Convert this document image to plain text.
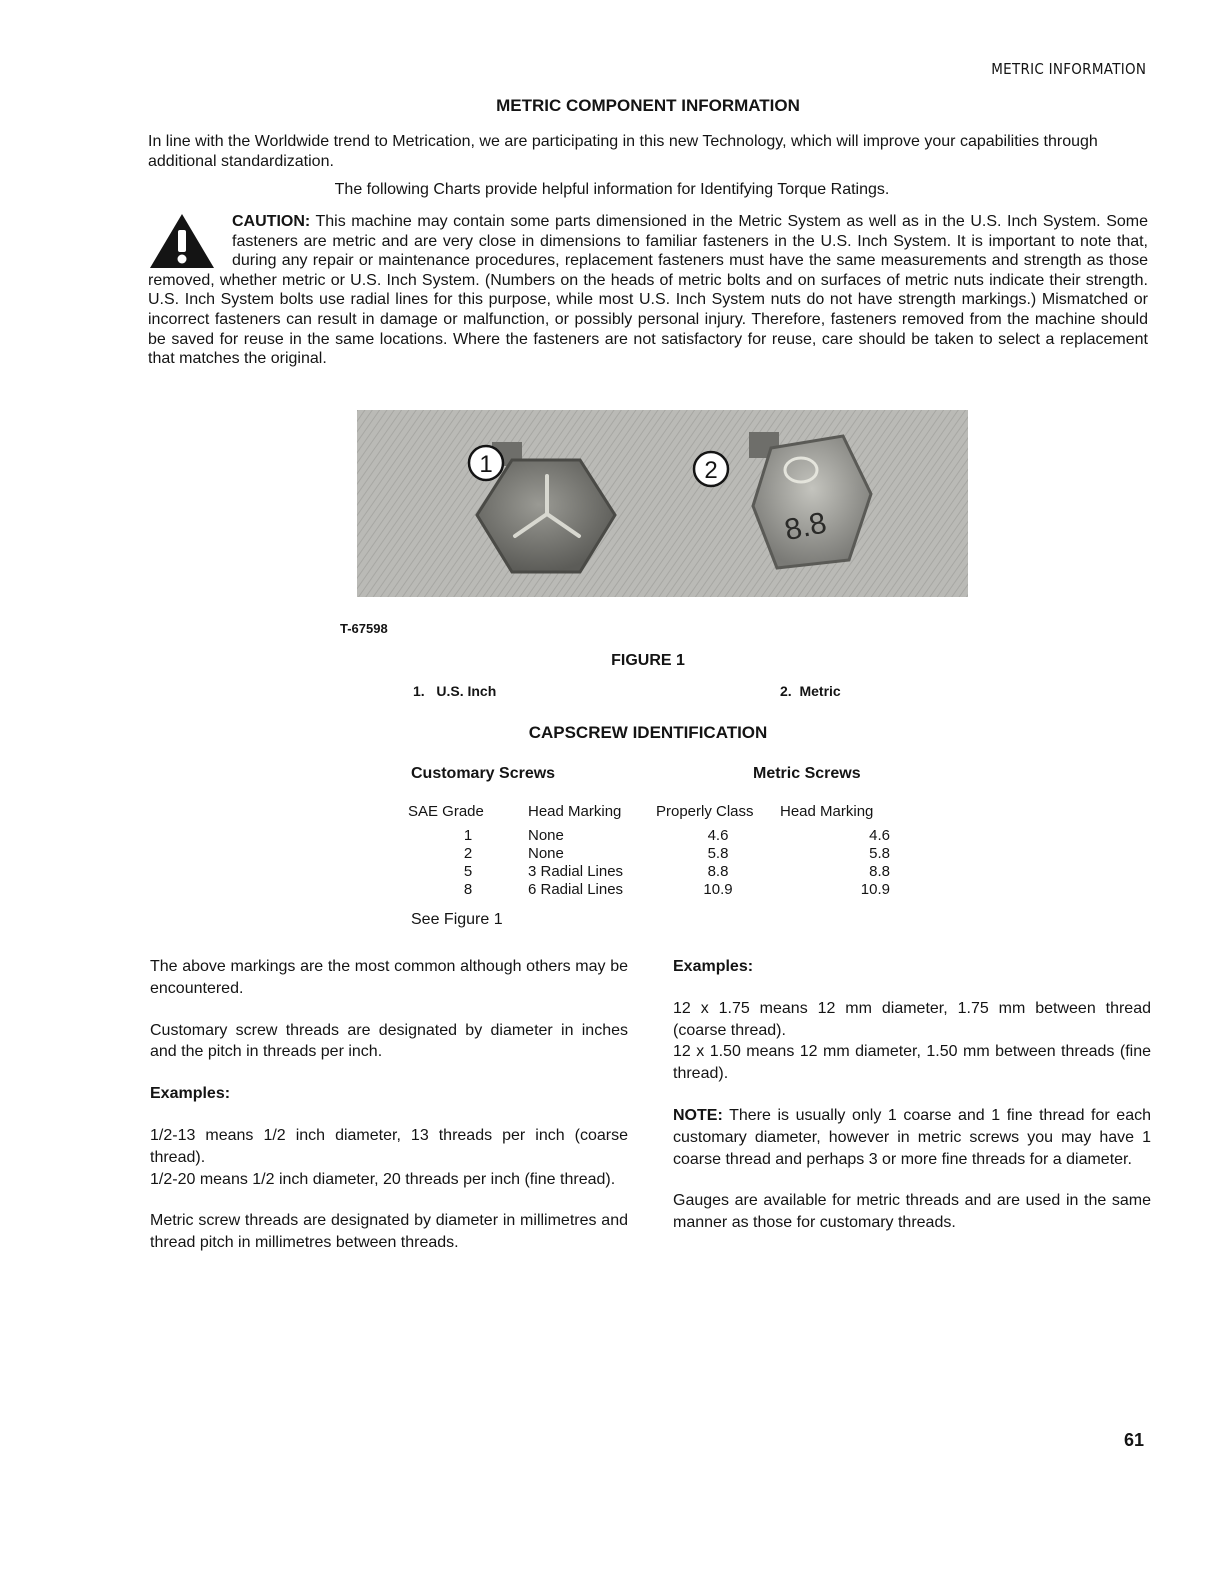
METRIC INFORMATION
METRIC COMPONENT INFORMATION
In line with the Worldwide trend to Metrication, we are participating in this new Technology, which will improve your capabilities through additional standardization.
The following Charts provide helpful information for Identifying Torque Ratings.
CAUTION: This machine may contain some parts dimensioned in the Metric System as well as in the U.S. Inch System. Some fasteners are metric and are very close in dimensions to familiar fasteners in the U.S. Inch System. It is important to note that, during any repair or maintenance procedures, replacement fasteners must have the same measurements and strength as those removed, whether metric or U.S. Inch System. (Numbers on the heads of metric bolts and on surfaces of metric nuts indicate their strength. U.S. Inch System bolts use radial lines for this purpose, while most U.S. Inch System nuts do not have strength markings.) Mismatched or incorrect fasteners can result in damage or malfunction, or possibly personal injury. Therefore, fasteners removed from the machine should be saved for reuse in the same locations. Where the fasteners are not satisfactory for reuse, care should be taken to select a replacement that matches the original.
8.8
1	2
T-67598
FIGURE 1
1. U.S. Inch	2. Metric
CAPSCREW IDENTIFICATION
Customary Screws	Metric Screws
SAE Grade	Head Marking	Properly Class	Head Marking
1	None	4.6	4.6
2	None	5.8	5.8
5	3 Radial Lines	8.8	8.8
8	6 Radial Lines	10.9	10.9
See Figure 1

The above markings are the most common although others may be encountered.

Customary screw threads are designated by diameter in inches and the pitch in threads per inch.

Examples:

1/2-13 means 1/2 inch diameter, 13 threads per inch (coarse thread).

1/2-20 means 1/2 inch diameter, 20 threads per inch (fine thread).

Metric screw threads are designated by diameter in millimetres and thread pitch in millimetres between threads.

Examples:

12 x 1.75 means 12 mm diameter, 1.75 mm between thread (coarse thread).

12 x 1.50 means 12 mm diameter, 1.50 mm between threads (fine thread).

NOTE: There is usually only 1 coarse and 1 fine thread for each customary diameter, however in metric screws you may have 1 coarse thread and perhaps 3 or more fine threads for a diameter.

Gauges are available for metric threads and are used in the same manner as those for customary threads.

61
